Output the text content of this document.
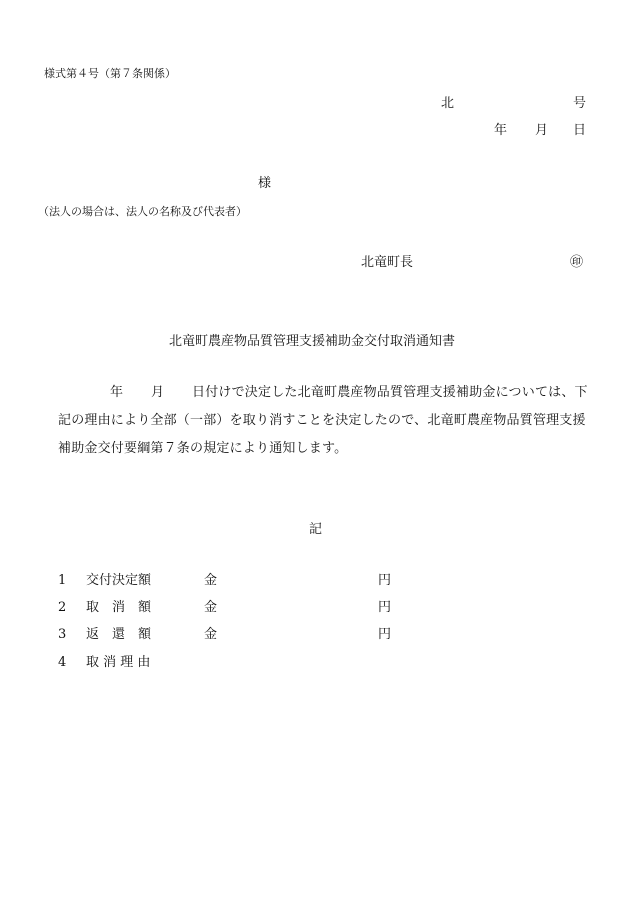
様式第４号（第７条関係）
北	号
年 月 日
様
（法人の場合は、法人の名称及び代表者）
北竜町長	㊞
北竜町農産物品質管理支援補助金交付取消通知書
年 月 日付けで決定した北竜町農産物品質管理支援補助金については、下
記の理由により全部（一部）を取り消すことを決定したので、北竜町農産物品質管理支援
補助金交付要綱第７条の規定により通知します。
記
1 交付決定額	金	円
2 取　消　額	金	円
3 返　還　額	金	円
4 取 消 理 由
